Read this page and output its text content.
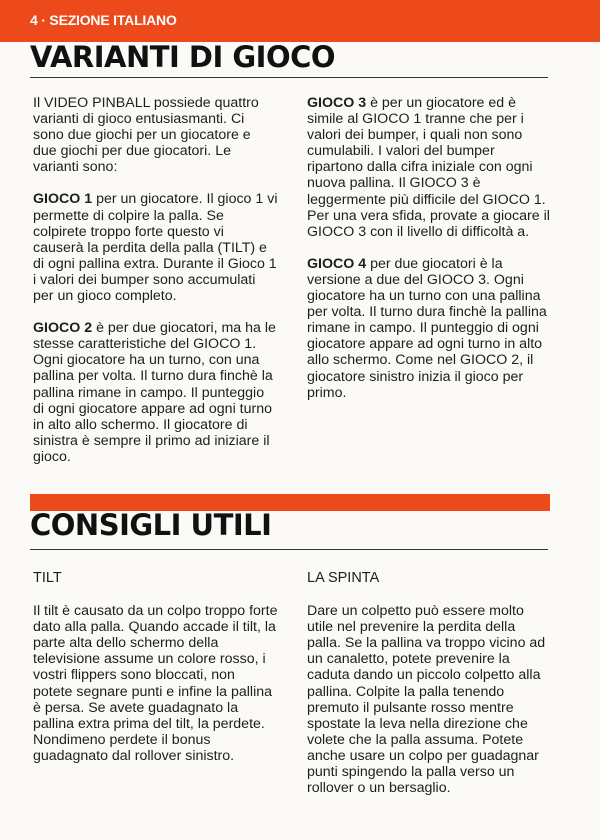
4 · SEZIONE ITALIANO
VARIANTI DI GIOCO

Il VIDEO PINBALL possiede quattro varianti di gioco entusiasmanti. Ci sono due giochi per un giocatore e due giochi per due giocatori. Le varianti sono:

GIOCO 1 per un giocatore. Il gioco 1 vi permette di colpire la palla. Se colpirete troppo forte questo vi causerà la perdita della palla (TILT) e di ogni pallina extra. Durante il Gioco 1 i valori dei bumper sono accumulati per un gioco completo.

GIOCO 2 è per due giocatori, ma ha le stesse caratteristiche del GIOCO 1. Ogni giocatore ha un turno, con una pallina per volta. Il turno dura finchè la pallina rimane in campo. Il punteggio di ogni giocatore appare ad ogni turno in alto allo schermo. Il giocatore di sinistra è sempre il primo ad iniziare il gioco.

GIOCO 3 è per un giocatore ed è simile al GIOCO 1 tranne che per i valori dei bumper, i quali non sono cumulabili. I valori del bumper ripartono dalla cifra iniziale con ogni nuova pallina. Il GIOCO 3 è leggermente più difficile del GIOCO 1. Per una vera sfida, provate a giocare il GIOCO 3 con il livello di difficoltà a.

GIOCO 4 per due giocatori è la versione a due del GIOCO 3. Ogni giocatore ha un turno con una pallina per volta. Il turno dura finchè la pallina rimane in campo. Il punteggio di ogni giocatore appare ad ogni turno in alto allo schermo. Come nel GIOCO 2, il giocatore sinistro inizia il gioco per primo.

CONSIGLI UTILI
TILT

Il tilt è causato da un colpo troppo forte dato alla palla. Quando accade il tilt, la parte alta dello schermo della televisione assume un colore rosso, i vostri flippers sono bloccati, non potete segnare punti e infine la pallina è persa. Se avete guadagnato la pallina extra prima del tilt, la perdete. Nondimeno perdete il bonus guadagnato dal rollover sinistro.

LA SPINTA

Dare un colpetto può essere molto utile nel prevenire la perdita della palla. Se la pallina va troppo vicino ad un canaletto, potete prevenire la caduta dando un piccolo colpetto alla pallina. Colpite la palla tenendo premuto il pulsante rosso mentre spostate la leva nella direzione che volete che la palla assuma. Potete anche usare un colpo per guadagnar punti spingendo la palla verso un rollover o un bersaglio.
